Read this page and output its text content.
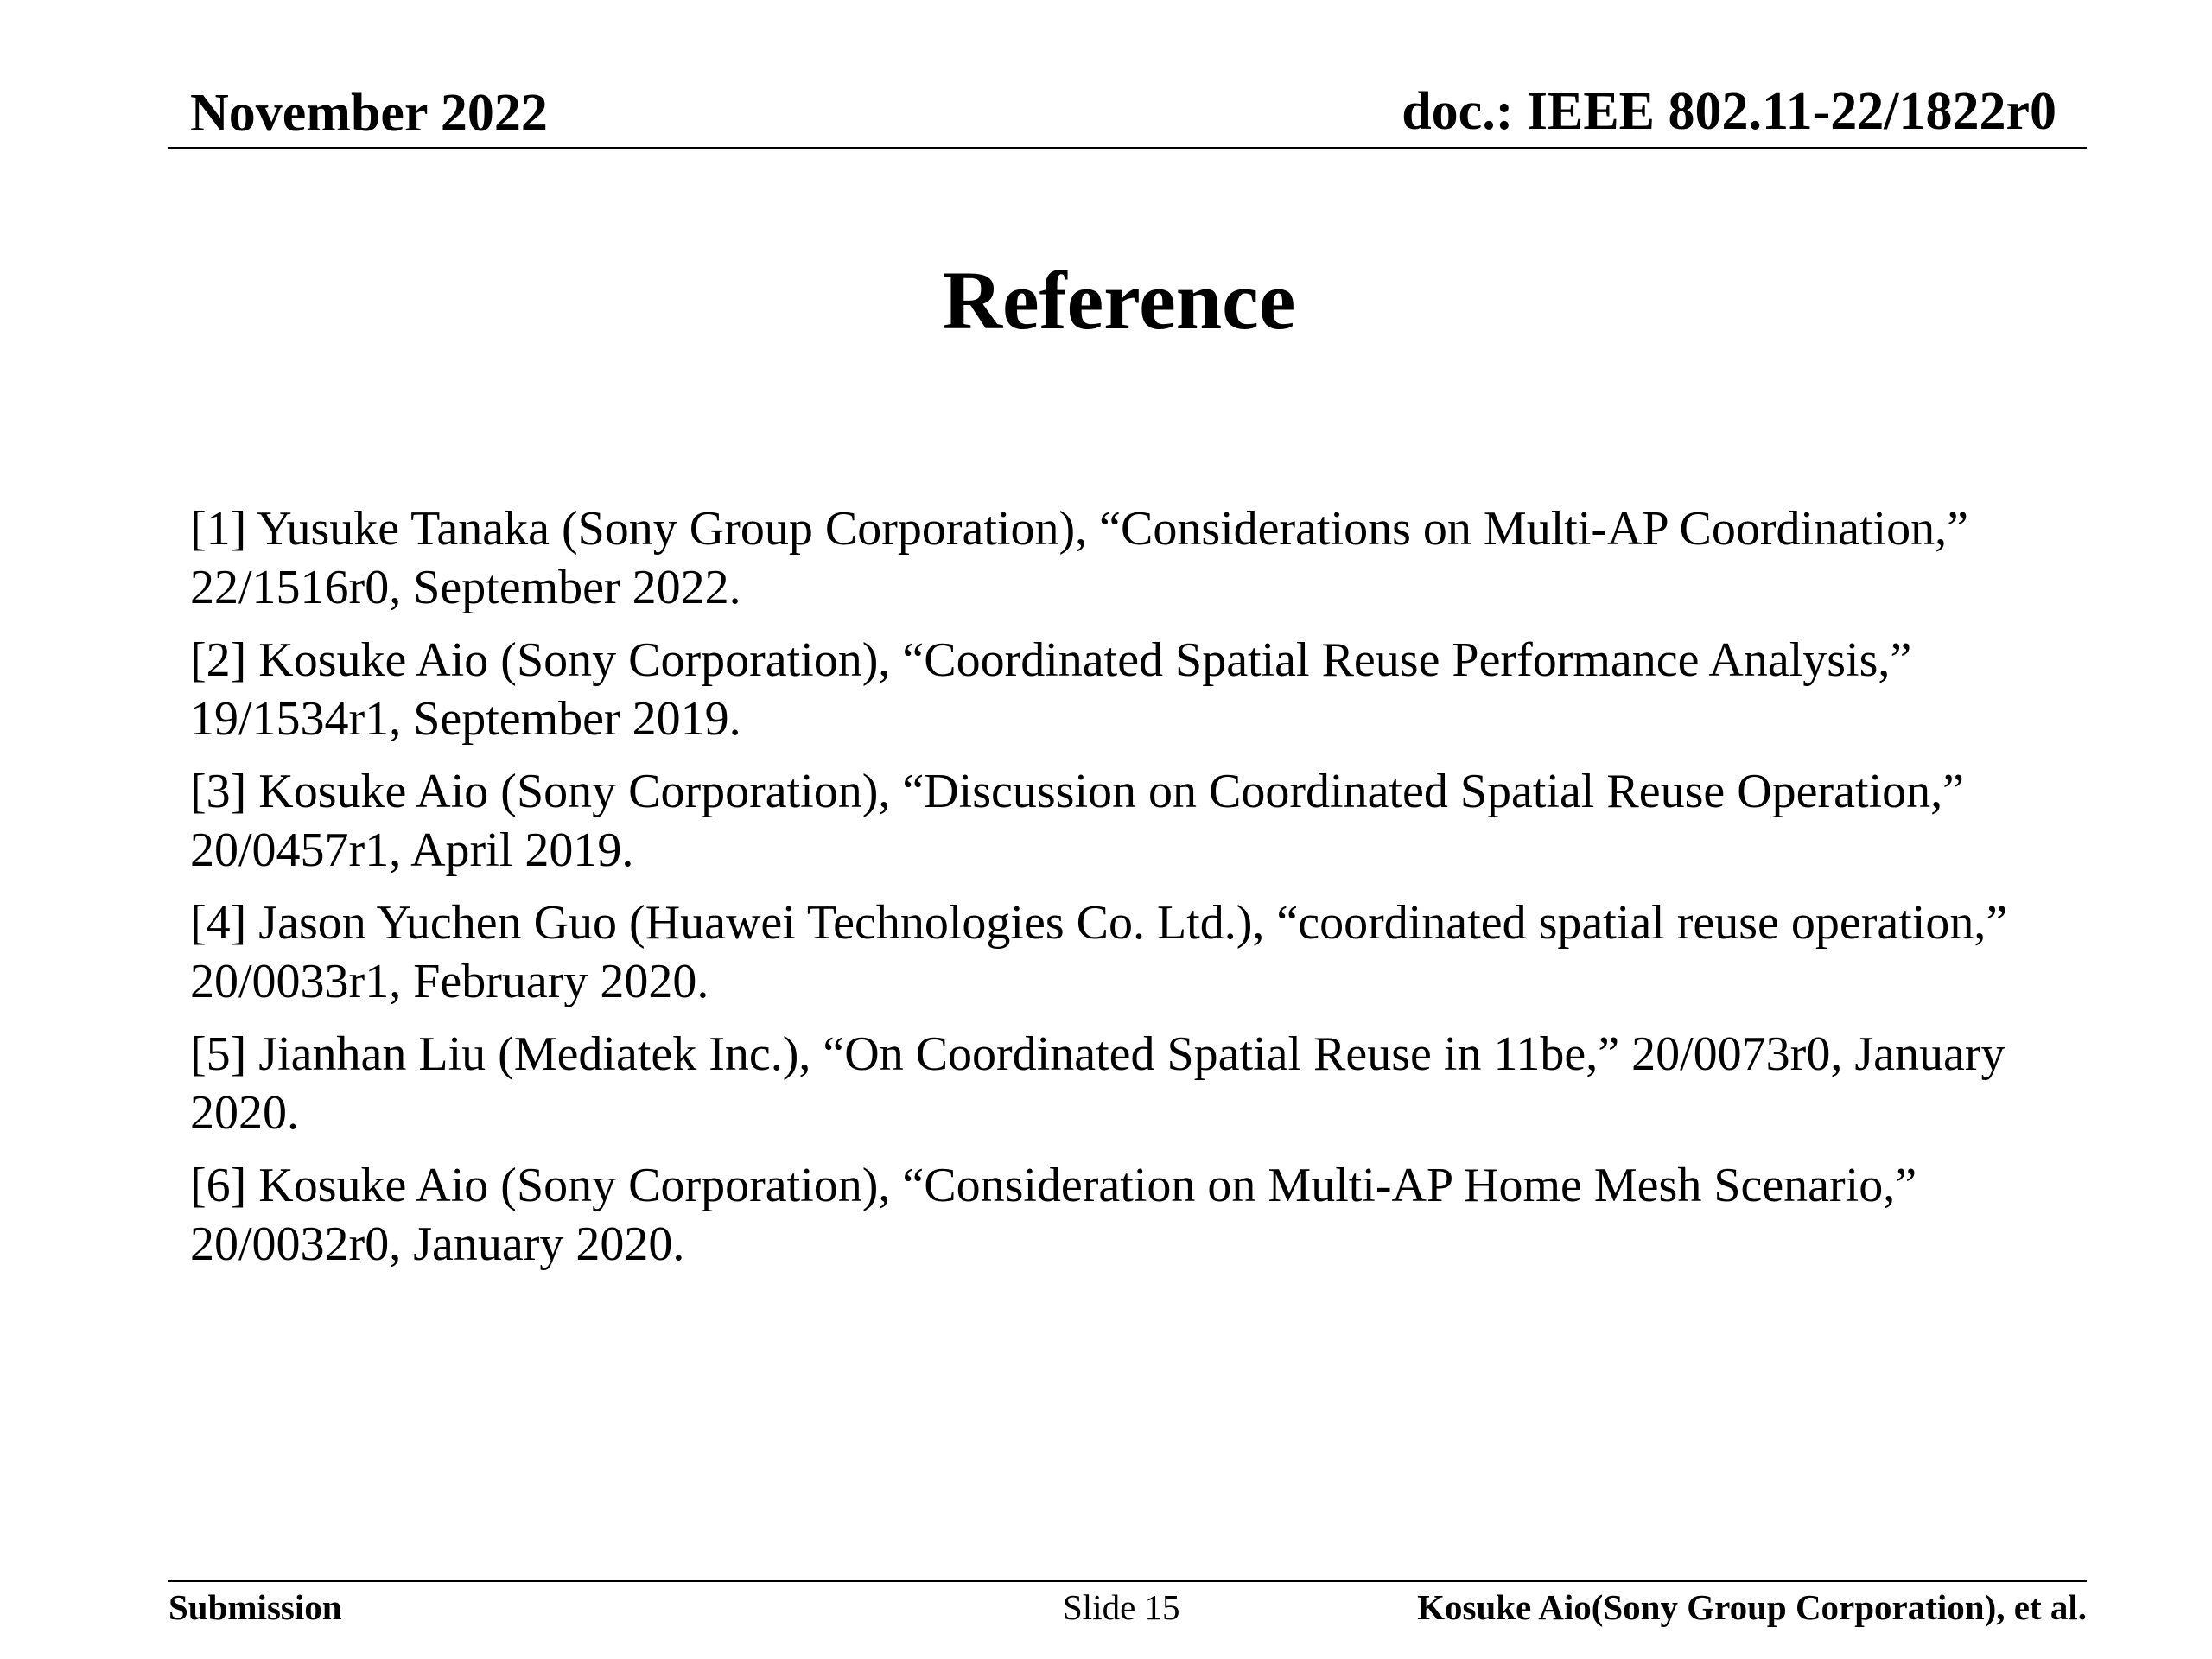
November 2022	doc.: IEEE 802.11-22/1822r0
Reference
[1] Yusuke Tanaka (Sony Group Corporation), “Considerations on Multi-AP Coordination,” 22/1516r0, September 2022.
[2] Kosuke Aio (Sony Corporation), “Coordinated Spatial Reuse Performance Analysis,” 19/1534r1, September 2019.
[3] Kosuke Aio (Sony Corporation), “Discussion on Coordinated Spatial Reuse Operation,” 20/0457r1, April 2019.
[4] Jason Yuchen Guo (Huawei Technologies Co. Ltd.), “coordinated spatial reuse operation,” 20/0033r1, February 2020.
[5] Jianhan Liu (Mediatek Inc.), “On Coordinated Spatial Reuse in 11be,” 20/0073r0, January 2020.
[6] Kosuke Aio (Sony Corporation), “Consideration on Multi-AP Home Mesh Scenario,” 20/0032r0, January 2020.
Submission	Slide 15	Kosuke Aio(Sony Group Corporation), et al.
